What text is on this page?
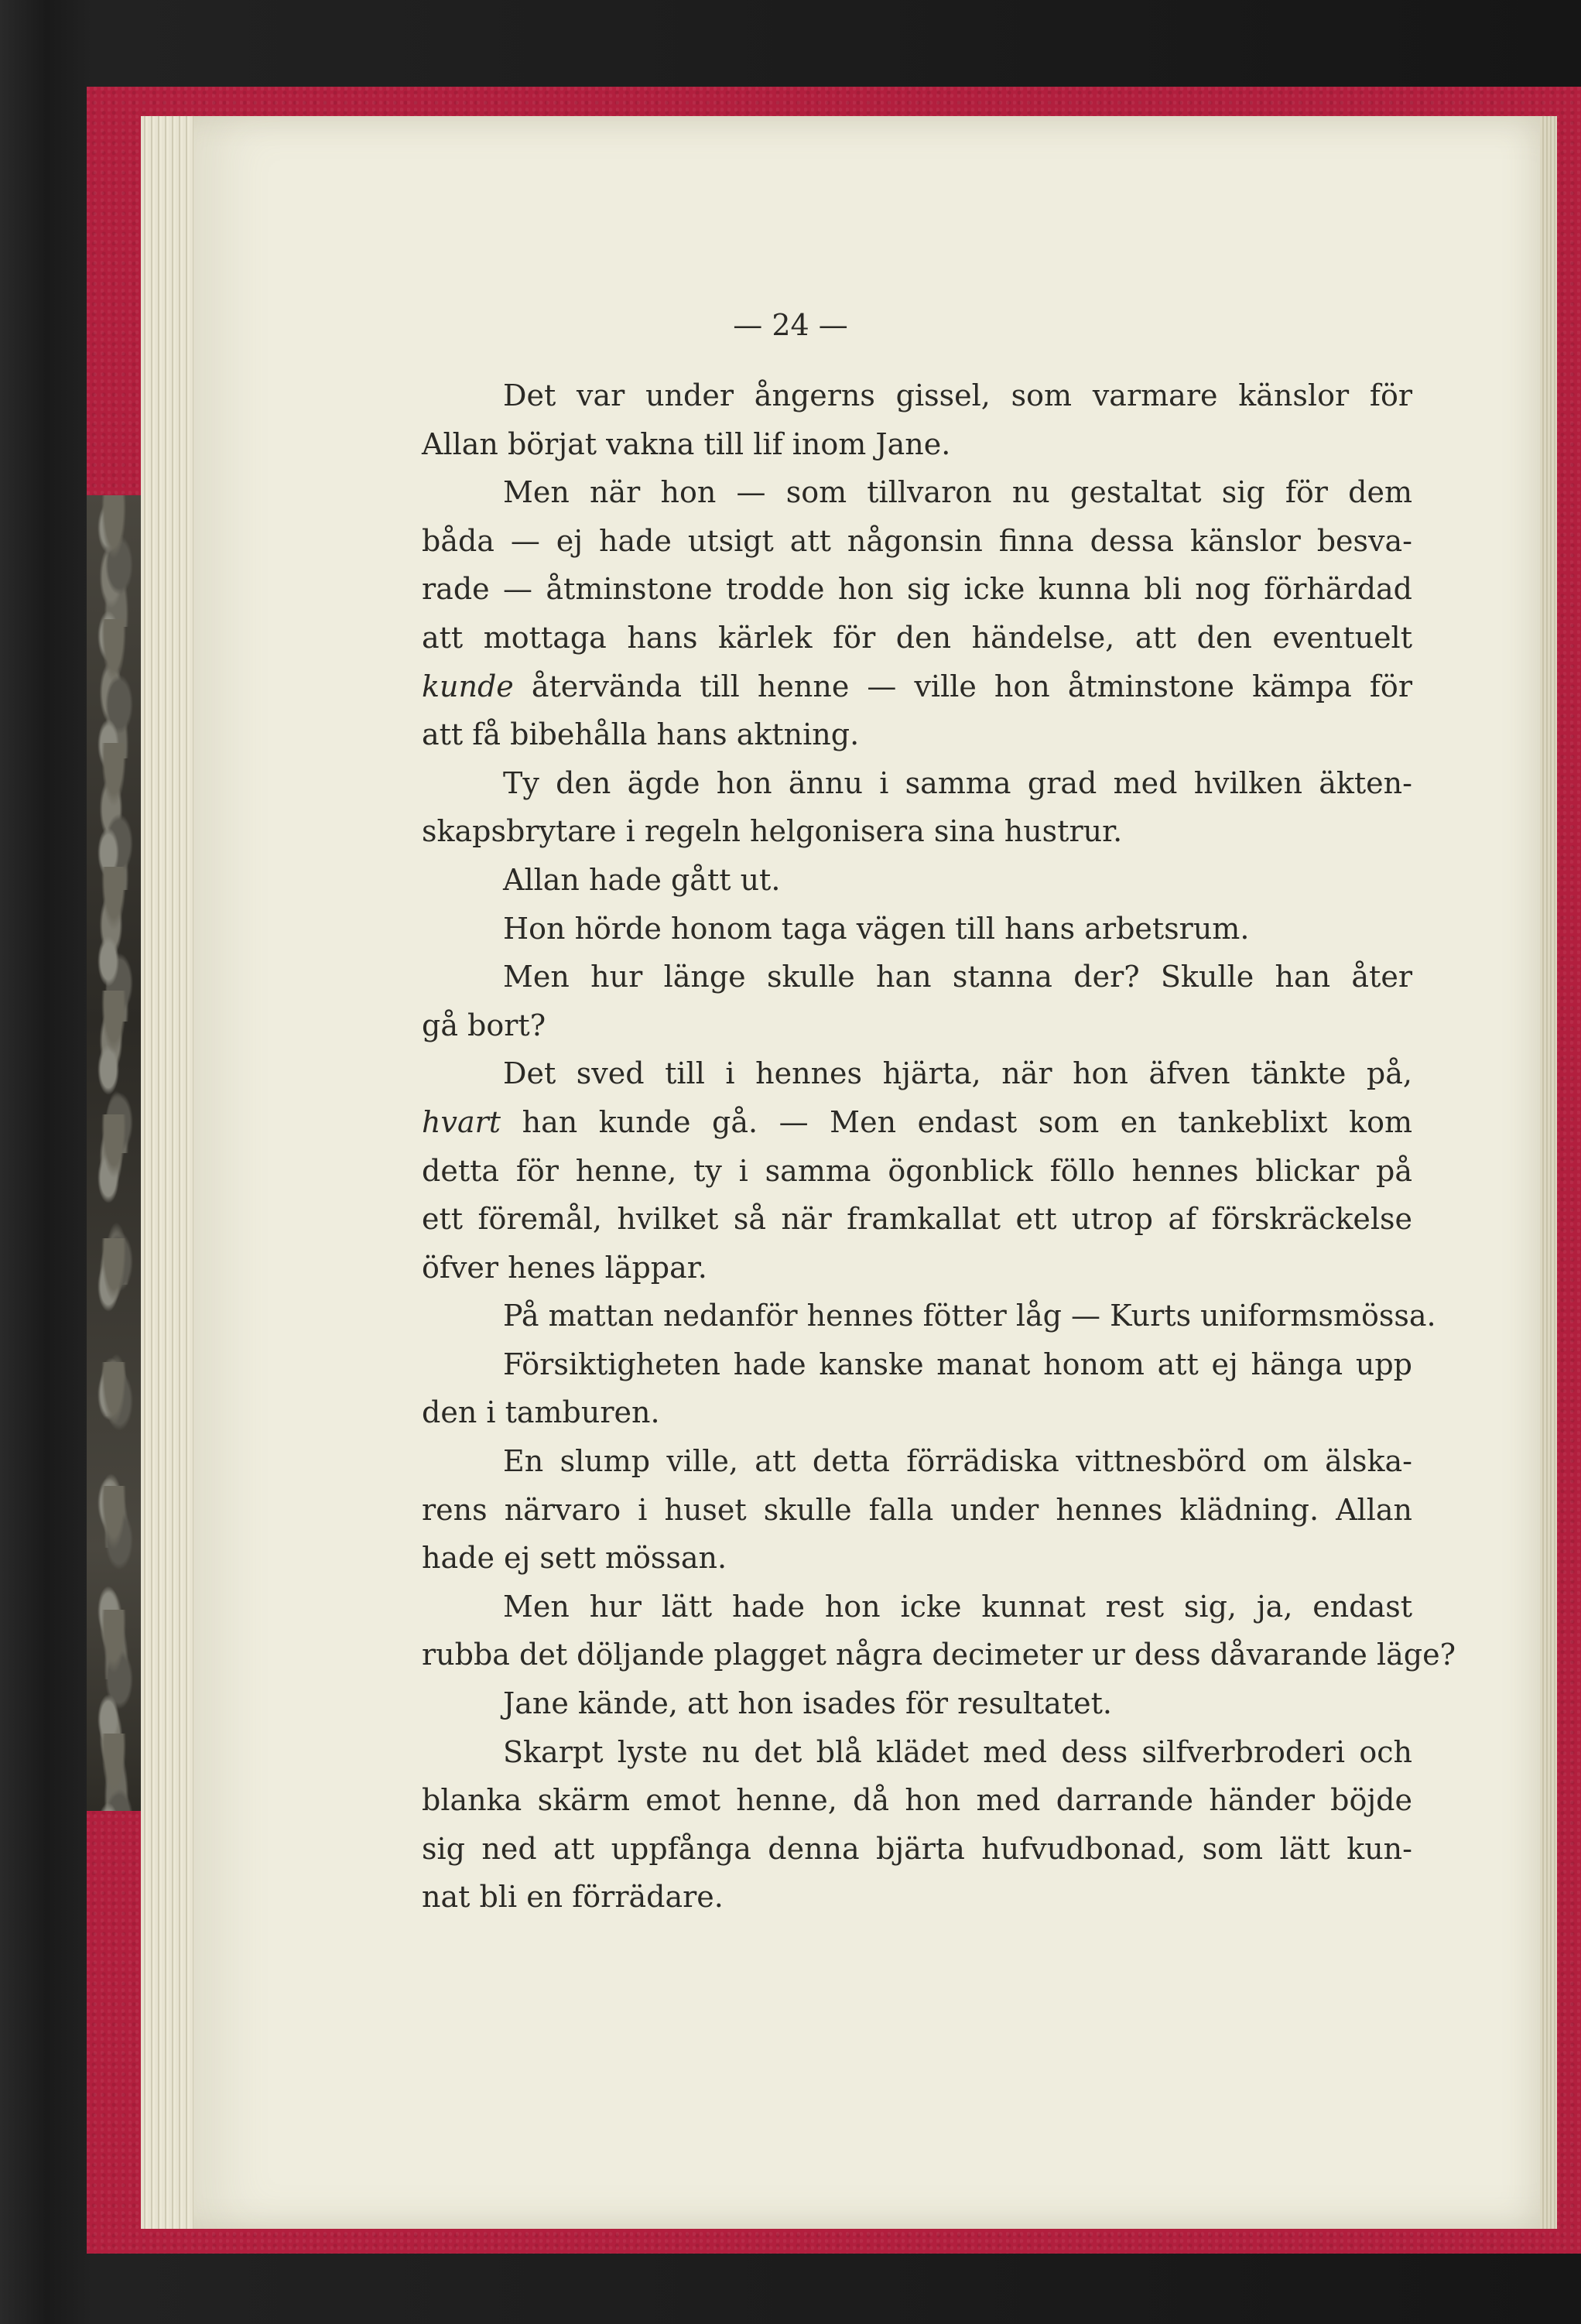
— 24 —
Det var under ångerns gissel, som varmare känslor för
Allan börjat vakna till lif inom Jane.
Men när hon — som tillvaron nu gestaltat sig för dem
båda — ej hade utsigt att någonsin finna dessa känslor besva-
rade — åtminstone trodde hon sig icke kunna bli nog förhärdad
att mottaga hans kärlek för den händelse, att den eventuelt
kunde återvända till henne — ville hon åtminstone kämpa för
att få bibehålla hans aktning.
Ty den ägde hon ännu i samma grad med hvilken äkten-
skapsbrytare i regeln helgonisera sina hustrur.
Allan hade gått ut.
Hon hörde honom taga vägen till hans arbetsrum.
Men hur länge skulle han stanna der? Skulle han åter
gå bort?
Det sved till i hennes hjärta, när hon äfven tänkte på,
hvart han kunde gå. — Men endast som en tankeblixt kom
detta för henne, ty i samma ögonblick föllo hennes blickar på
ett föremål, hvilket så när framkallat ett utrop af förskräckelse
öfver henes läppar.
På mattan nedanför hennes fötter låg — Kurts uniformsmössa.
Försiktigheten hade kanske manat honom att ej hänga upp
den i tamburen.
En slump ville, att detta förrädiska vittnesbörd om älska-
rens närvaro i huset skulle falla under hennes klädning. Allan
hade ej sett mössan.
Men hur lätt hade hon icke kunnat rest sig, ja, endast
rubba det döljande plagget några decimeter ur dess dåvarande läge?
Jane kände, att hon isades för resultatet.
Skarpt lyste nu det blå klädet med dess silfverbroderi och
blanka skärm emot henne, då hon med darrande händer böjde
sig ned att uppfånga denna bjärta hufvudbonad, som lätt kun-
nat bli en förrädare.
